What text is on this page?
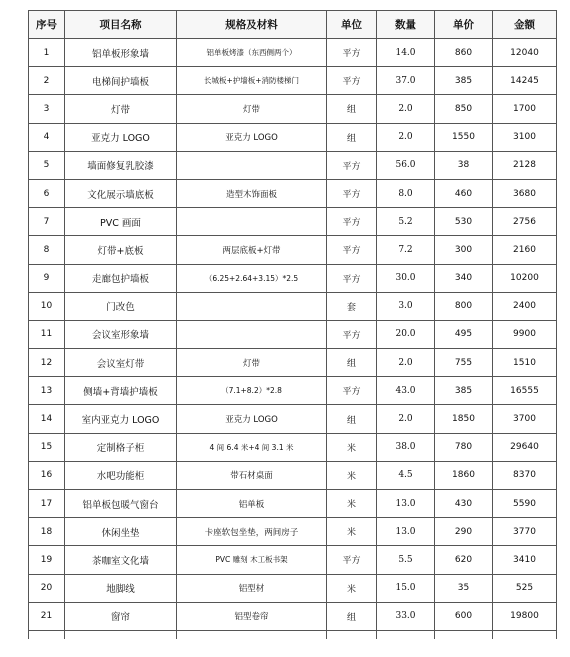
序号	项目名称	规格及材料	单位	数量	单价	金额
1	铝单板形象墙	铝单板烤漆（东西侧两个）	平方	14.0	860	12040
2	电梯间护墙板	长城板+护墙板+消防楼梯门	平方	37.0	385	14245
3	灯带	灯带	组	2.0	850	1700
4	亚克力 LOGO	亚克力 LOGO	组	2.0	1550	3100
5	墙面修复乳胶漆		平方	56.0	38	2128
6	文化展示墙底板	造型木饰面板	平方	8.0	460	3680
7	PVC 画面		平方	5.2	530	2756
8	灯带+底板	两层底板+灯带	平方	7.2	300	2160
9	走廊包护墙板	（6.25+2.64+3.15）*2.5	平方	30.0	340	10200
10	门改色		套	3.0	800	2400
11	会议室形象墙		平方	20.0	495	9900
12	会议室灯带	灯带	组	2.0	755	1510
13	侧墙+背墙护墙板	（7.1+8.2）*2.8	平方	43.0	385	16555
14	室内亚克力 LOGO	亚克力 LOGO	组	2.0	1850	3700
15	定制格子柜	4 间 6.4 米+4 间 3.1 米	米	38.0	780	29640
16	水吧功能柜	带石材桌面	米	4.5	1860	8370
17	铝单板包暖气窗台	铝单板	米	13.0	430	5590
18	休闲坐垫	卡座软包坐垫，两间房子	米	13.0	290	3770
19	茶咖室文化墙	PVC 雕刻 木工板书架	平方	5.5	620	3410
20	地脚线	铝型材	米	15.0	35	525
21	窗帘	铝型卷帘	组	33.0	600	19800
